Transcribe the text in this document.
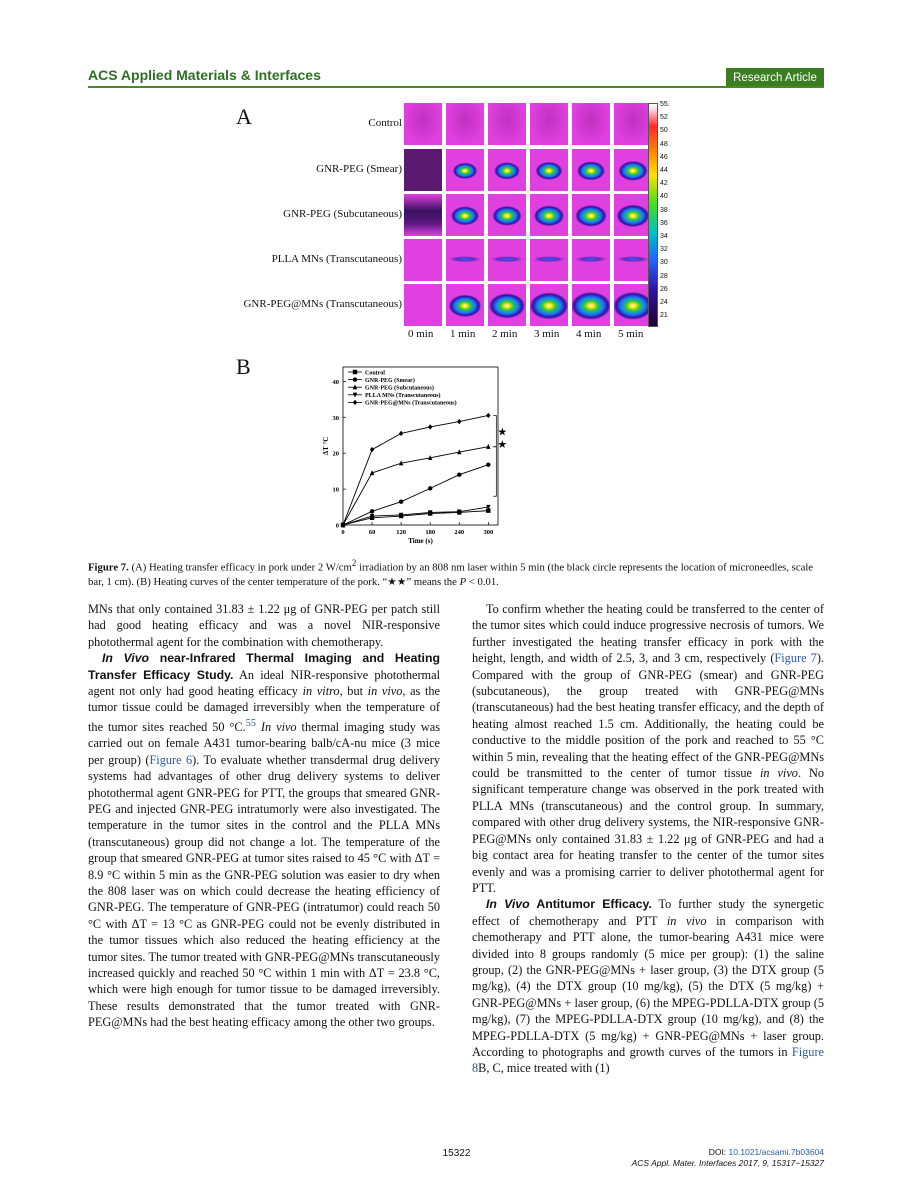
ACS Applied Materials & Interfaces	Research Article
A	Control
GNR-PEG (Smear)
GNR-PEG (Subcutaneous)
PLLA MNs (Transcutaneous)
GNR-PEG@MNs (Transcutaneous)
55.
52
50
48
46
44
42
40
38
36
34
32
30
28
26
24
21
0 min 1 min 2 min 3 min 4 min 5 min
B
0	60	120	180	240	300
0
10
20
30
40
Time (s)
ΔT °C
Control
GNR-PEG (Smear)
GNR-PEG (Subcutaneous)
PLLA MNs (Transcutaneous)
GNR-PEG@MNs (Transcutaneous)
★
★
Figure 7. (A) Heating transfer efficacy in pork under 2 $W/cm^2$ irradiation by an 808 nm laser within 5 min (the black circle represents the location of microneedles, scale bar, 1 cm). (B) Heating curves of the center temperature of the pork. “★★” means the P < 0.01.

MNs that only contained 31.83 ± 1.22 μg of GNR-PEG per patch still had good heating efficacy and was a novel NIR-responsive photothermal agent for the combination with chemotherapy.

In Vivo near-Infrared Thermal Imaging and Heating Transfer Efficacy Study. An ideal NIR-responsive photothermal agent not only had good heating efficacy in vitro, but in vivo, as the tumor tissue could be damaged irreversibly when the temperature of the tumor sites reached 50 °C.$^{55}$ In vivo thermal imaging study was carried out on female A431 tumor-bearing balb/cA-nu mice (3 mice per group) (Figure 6). To evaluate whether transdermal drug delivery systems had advantages of other drug delivery systems to deliver photothermal agent GNR-PEG for PTT, the groups that smeared GNR-PEG and injected GNR-PEG intratumorly were also investigated. The temperature in the tumor sites in the control and the PLLA MNs (transcutaneous) group did not change a lot. The temperature of the group that smeared GNR-PEG at tumor sites raised to 45 °C with ΔT = 8.9 °C within 5 min as the GNR-PEG solution was easier to dry when the 808 laser was on which could decrease the heating efficiency of GNR-PEG. The temperature of GNR-PEG (intratumor) could reach 50 °C with ΔT = 13 °C as GNR-PEG could not be evenly distributed in the tumor tissues which also reduced the heating efficiency at the tumor sites. The tumor treated with GNR-PEG@MNs transcutaneously increased quickly and reached 50 °C within 1 min with ΔT = 23.8 °C, which were high enough for tumor tissue to be damaged irreversibly. These results demonstrated that the tumor treated with GNR-PEG@MNs had the best heating efficacy among the other two groups.

To confirm whether the heating could be transferred to the center of the tumor sites which could induce progressive necrosis of tumors. We further investigated the heating transfer efficacy in pork with the height, length, and width of 2.5, 3, and 3 cm, respectively (Figure 7). Compared with the group of GNR-PEG (smear) and GNR-PEG (subcutaneous), the group treated with GNR-PEG@MNs (transcutaneous) had the best heating transfer efficacy, and the depth of heating almost reached 1.5 cm. Additionally, the heating could be conductive to the middle position of the pork and reached to 55 °C within 5 min, revealing that the heating effect of the GNR-PEG@MNs could be transmitted to the center of tumor tissue in vivo. No significant temperature change was observed in the pork treated with PLLA MNs (transcutaneous) and the control group. In summary, compared with other drug delivery systems, the NIR-responsive GNR-PEG@MNs only contained 31.83 ± 1.22 μg of GNR-PEG and had a big contact area for heating transfer to the center of the tumor sites evenly and was a promising carrier to deliver photothermal agent for PTT.

In Vivo Antitumor Efficacy. To further study the synergetic effect of chemotherapy and PTT in vivo in comparison with chemotherapy and PTT alone, the tumor-bearing A431 mice were divided into 8 groups randomly (5 mice per group): (1) the saline group, (2) the GNR-PEG@MNs + laser group, (3) the DTX group (5 mg/kg), (4) the DTX group (10 mg/kg), (5) the DTX (5 mg/kg) + GNR-PEG@MNs + laser group, (6) the MPEG-PDLLA-DTX group (5 mg/kg), (7) the MPEG-PDLLA-DTX group (10 mg/kg), and (8) the MPEG-PDLLA-DTX (5 mg/kg) + GNR-PEG@MNs + laser group. According to photographs and growth curves of the tumors in Figure 8B, C, mice treated with (1)

15322	DOI: 10.1021/acsami.7b03604
ACS Appl. Mater. Interfaces 2017, 9, 15317−15327
